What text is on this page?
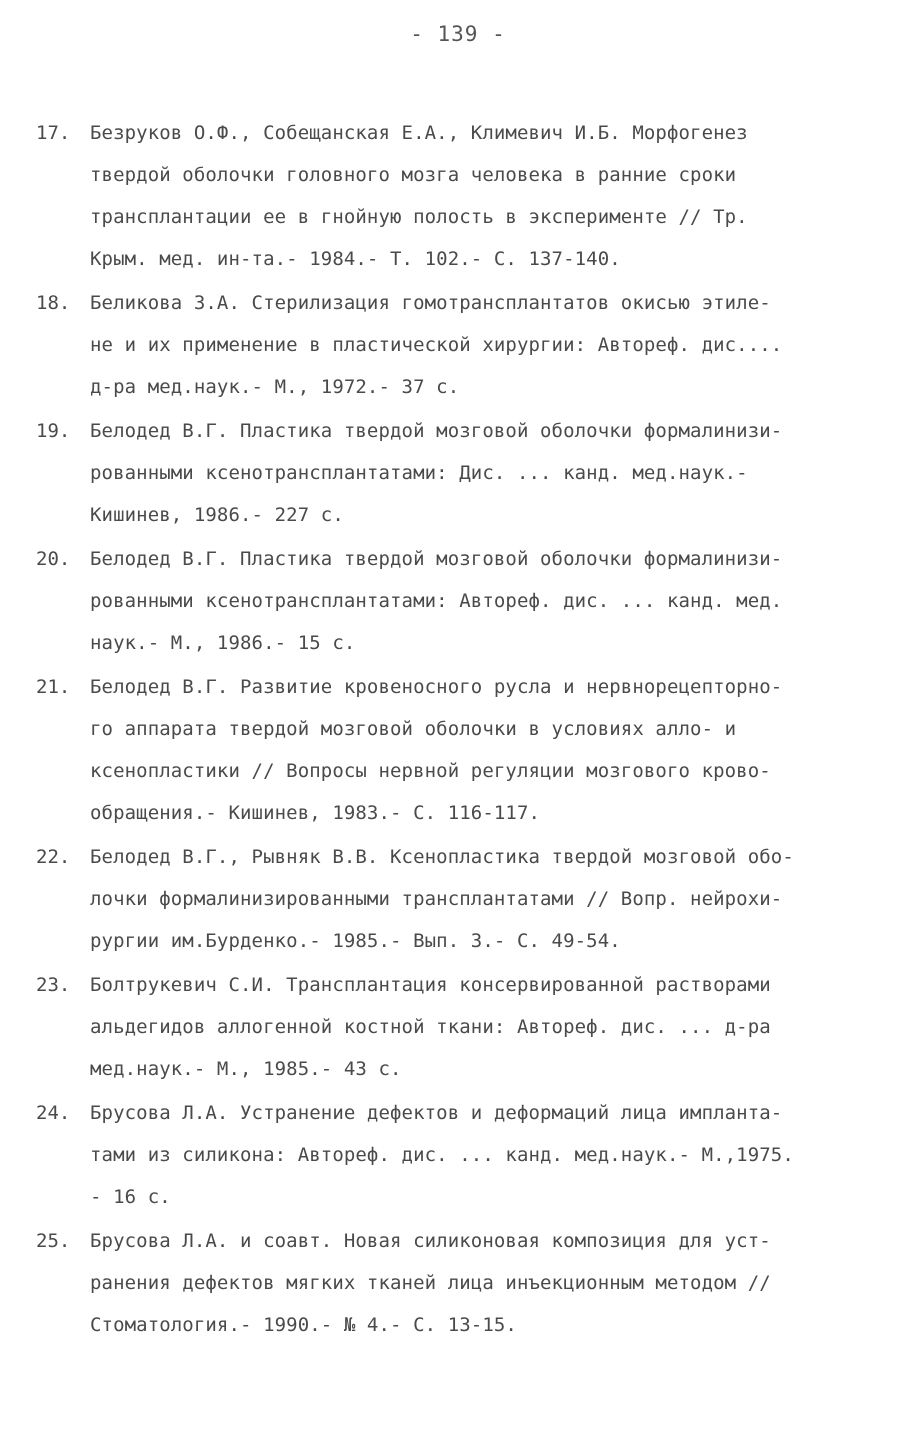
- 139 -
17.	Безруков О.Ф., Собещанская Е.А., Климевич И.Б. Морфогенез
твердой оболочки головного мозга человека в ранние сроки
трансплантации ее в гнойную полость в эксперименте // Тр.
Крым. мед. ин-та.- 1984.- Т. 102.- С. 137-140.
18.	Беликова З.А. Стерилизация гомотрансплантатов окисью этиле-
не и их применение в пластической хирургии: Автореф. дис....
д-ра мед.наук.- М., 1972.- 37 с.
19.	Белодед В.Г. Пластика твердой мозговой оболочки формалинизи-
рованными ксенотрансплантатами: Дис. ... канд. мед.наук.-
Кишинев, 1986.- 227 с.
20.	Белодед В.Г. Пластика твердой мозговой оболочки формалинизи-
рованными ксенотрансплантатами: Автореф. дис. ... канд. мед.
наук.- М., 1986.- 15 с.
21.	Белодед В.Г. Развитие кровеносного русла и нервнорецепторно-
го аппарата твердой мозговой оболочки в условиях алло- и
ксенопластики // Вопросы нервной регуляции мозгового крово-
обращения.- Кишинев, 1983.- С. 116-117.
22.	Белодед В.Г., Рывняк В.В. Ксенопластика твердой мозговой обо-
лочки формалинизированными трансплантатами // Вопр. нейрохи-
рургии им.Бурденко.- 1985.- Вып. 3.- С. 49-54.
23.	Болтрукевич С.И. Трансплантация консервированной растворами
альдегидов аллогенной костной ткани: Автореф. дис. ... д-ра
мед.наук.- М., 1985.- 43 с.
24.	Брусова Л.А. Устранение дефектов и деформаций лица имплантa-
тами из силикона: Автореф. дис. ... канд. мед.наук.- М.,1975.
- 16 с.
25.	Брусова Л.А. и соавт. Новая силиконовая композиция для уст-
ранения дефектов мягких тканей лица инъекционным методом //
Стоматология.- 1990.- № 4.- С. 13-15.
